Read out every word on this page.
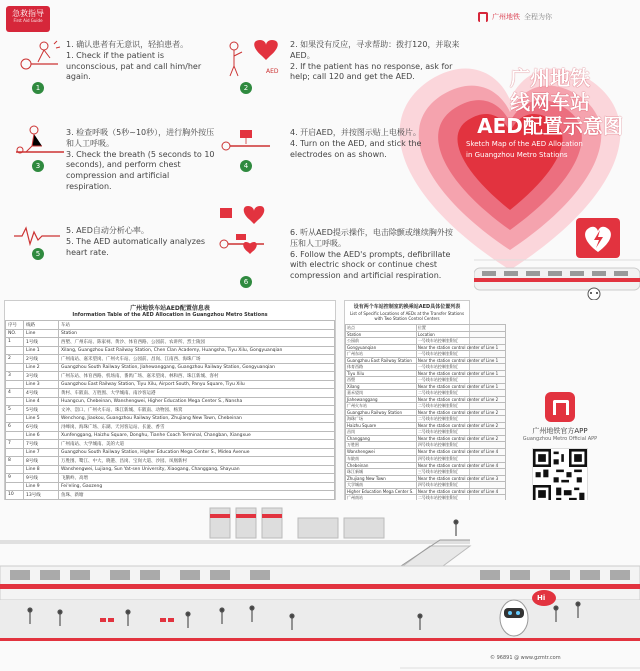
急救指导
First Aid Guide	广州地铁 全程为你
广州地铁
线网车站
AED配置示意图
Sketch Map of the AED Allocation
in Guangzhou Metro Stations
1
1. 确认患者有无意识，轻拍患者。
1. Check if the patient is unconscious, pat and call him/her again.
AED
2
2. 如果没有反应，寻求帮助：拨打120，并取来AED。
2. If the patient has no response, ask for help; call 120 and get the AED.
3
3. 检查呼吸（5秒~10秒），进行胸外按压和人工呼吸。
3. Check the breath (5 seconds to 10 seconds), and perform chest compression and artificial respiration.
4
4. 开启AED，并按图示贴上电极片。
4. Turn on the AED, and stick the electrodes on as shown.
5
5. AED自动分析心率。
5. The AED automatically analyzes heart rate.
6
6. 听从AED提示操作，电击除颤或继续胸外按压和人工呼吸。
6. Follow the AED's prompts, defibrillate with electric shock or continue chest compression and artificial respiration.
广州地铁车站AED配置信息表
Information Table of the AED Allocation in Guangzhou Metro Stations
序号	线路	车站
NO.	Line	Station
1	1号线	西塱、广州东站、陈家祠、黄沙、体育西路、公园前、农讲所、烈士陵园
	Line 1	Xilang, Guangzhou East Railway Station, Chen Clan Academy, Huangsha, Tiyu Xilu, Gongyuanqian
2	2号线	广州南站、嘉禾望岗、广州火车站、公园前、昌岗、江南西、海珠广场
	Line 2	Guangzhou South Railway Station, Jiahewanggang, Guangzhou Railway Station, Gongyuanqian
3	3号线	广州东站、体育西路、机场南、番禺广场、嘉禾望岗、林和西、珠江新城、客村
	Line 3	Guangzhou East Railway Station, Tiyu Xilu, Airport South, Panyu Square, Tiyu Xilu
4	4号线	黄村、车陂南、万胜围、大学城南、南沙客运港
	Line 4	Huangcun, Chebeinan, Wanshengwei, Higher Education Mega Center S., Nansha
5	5号线	文冲、滘口、广州火车站、珠江新城、车陂南、动物园、杨箕
	Line 5	Wenchong, Jiaokou, Guangzhou Railway Station, Zhujiang New Town, Chebeinan
6	6号线	浔峰岗、海珠广场、东湖、天河客运站、长湴、香雪
	Line 6	Xunfenggang, Haizhu Square, Donghu, Tianhe Coach Terminal, Changban, Xiangxue
7	7号线	广州南站、大学城南、美的大道
	Line 7	Guangzhou South Railway Station, Higher Education Mega Center S., Midea Avenue
8	8号线	万胜围、鹭江、中大、晓港、昌岗、宝岗大道、沙园、凤凰新村
	Line 8	Wanshengwei, Lujiang, Sun Yat-sen University, Xiaogang, Changgang, Shayuan
9	9号线	飞鹅岭、高增
	Line 9	Fei'eling, Gaozeng
10	13号线	鱼珠、新塘

设有两个车站控制室的换乘站AED具体位置列表
List of Specific Locations of AEDs at the Transfer Stations with Two Station Control Centers
站点	位置
Station	Location
公园前	一号线车站控制室附近
Gongyuanqian	Near the station control center of Line 1
广州东站	一号线车站控制室附近
Guangzhou East Railway Station	Near the station control center of Line 1
体育西路	一号线车站控制室附近
Tiyu Xilu	Near the station control center of Line 1
西塱	一号线车站控制室附近
Xilang	Near the station control center of Line 1
嘉禾望岗	二号线车站控制室附近
Jiahewanggang	Near the station control center of Line 2
广州火车站	二号线车站控制室附近
Guangzhou Railway Station	Near the station control center of Line 2
海珠广场	二号线车站控制室附近
Haizhu Square	Near the station control center of Line 2
昌岗	二号线车站控制室附近
Changgang	Near the station control center of Line 2
万胜围	四号线车站控制室附近
Wanshengwei	Near the station control center of Line 4
车陂南	四号线车站控制室附近
Chebeinan	Near the station control center of Line 4
珠江新城	三号线车站控制室附近
Zhujiang New Town	Near the station control center of Line 3
大学城南	四号线车站控制室附近
Higher Education Mega Center S.	Near the station control center of Line 4
广州南站	二号线车站控制室附近

广州地铁官方APP
Guangzhou Metro Official APP
Hi
© 96891 @ www.gzmtr.com
